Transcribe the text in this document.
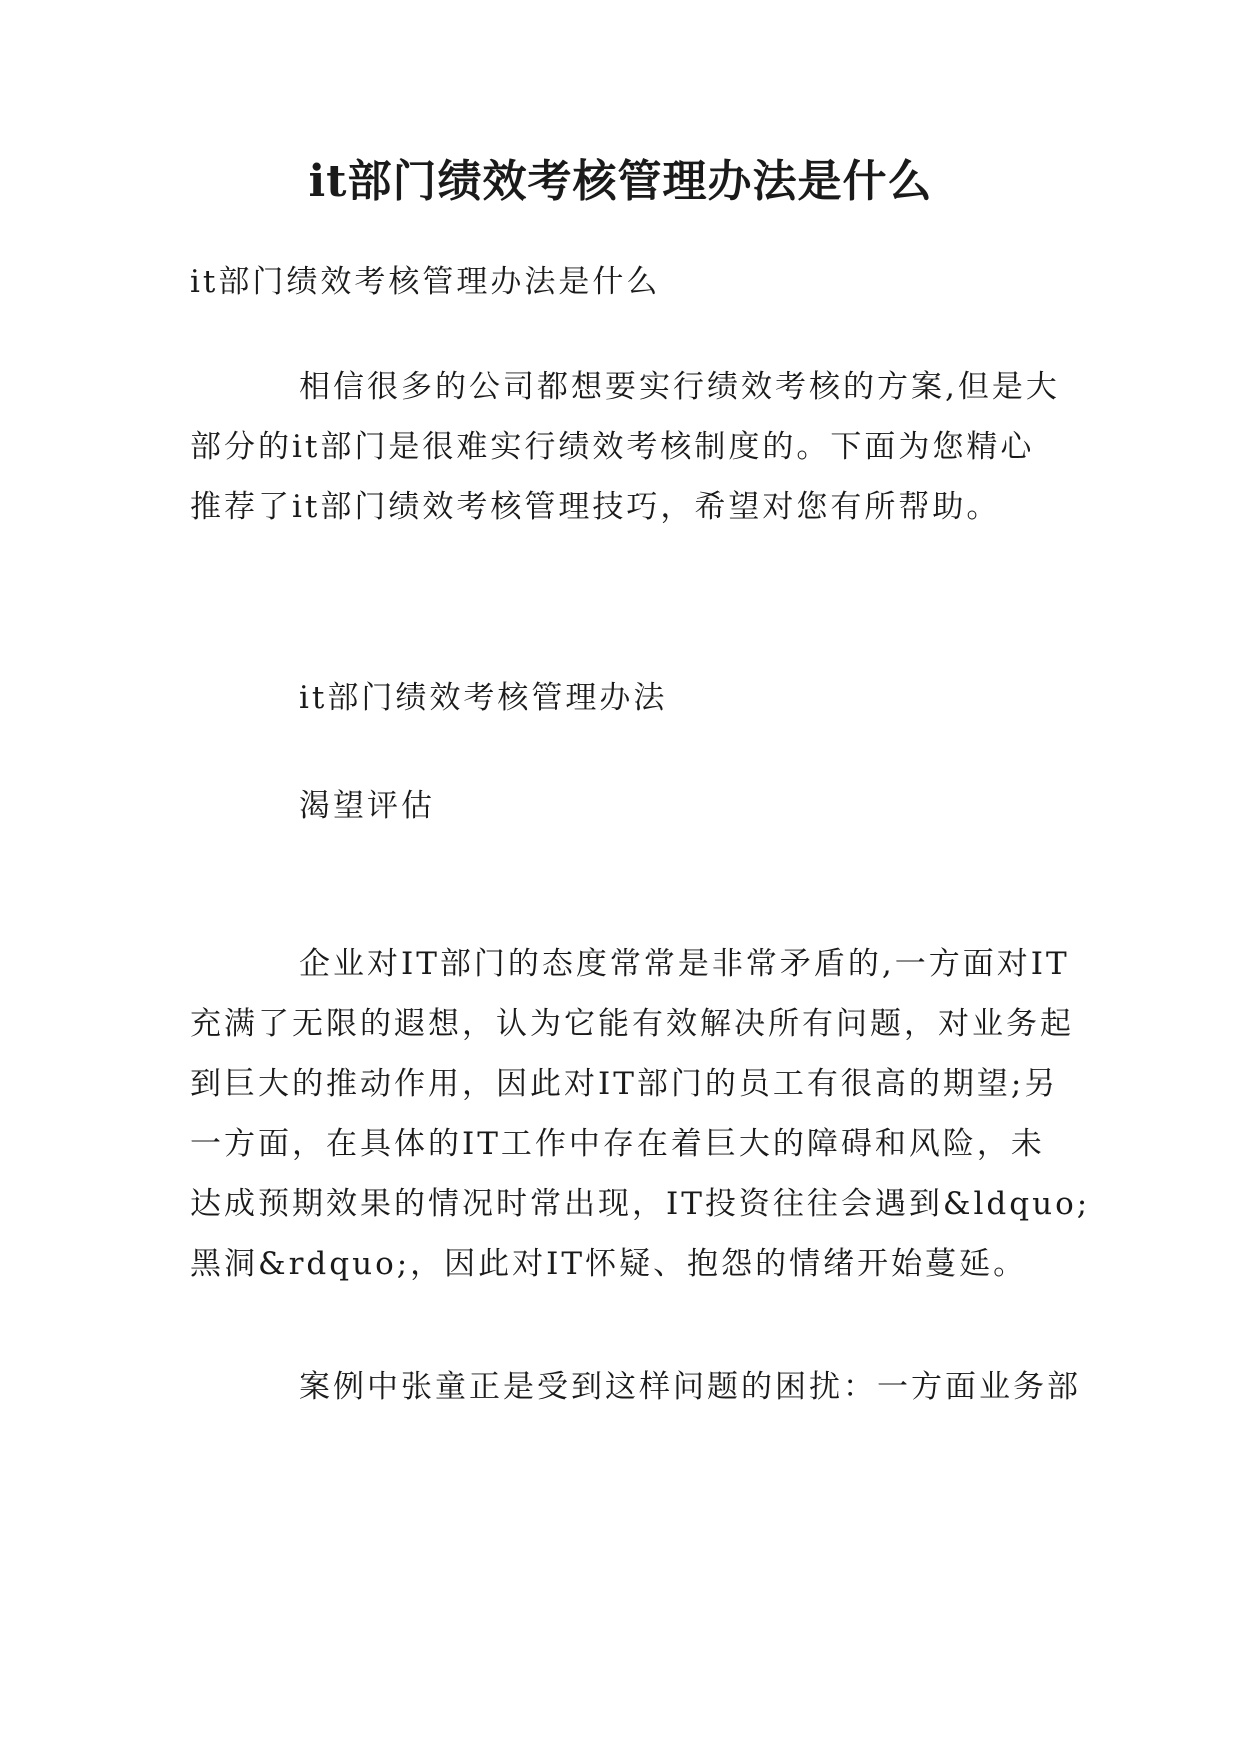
it部门绩效考核管理办法是什么

it部门绩效考核管理办法是什么

相信很多的公司都想要实行绩效考核的方案,但是大
部分的it部门是很难实行绩效考核制度的。下面为您精心
推荐了it部门绩效考核管理技巧，希望对您有所帮助。

it部门绩效考核管理办法

渴望评估

企业对IT部门的态度常常是非常矛盾的,一方面对IT
充满了无限的遐想，认为它能有效解决所有问题，对业务起
到巨大的推动作用，因此对IT部门的员工有很高的期望;另
一方面，在具体的IT工作中存在着巨大的障碍和风险，未
达成预期效果的情况时常出现，IT投资往往会遇到&ldquo;
黑洞&rdquo;，因此对IT怀疑、抱怨的情绪开始蔓延。

案例中张童正是受到这样问题的困扰：一方面业务部
